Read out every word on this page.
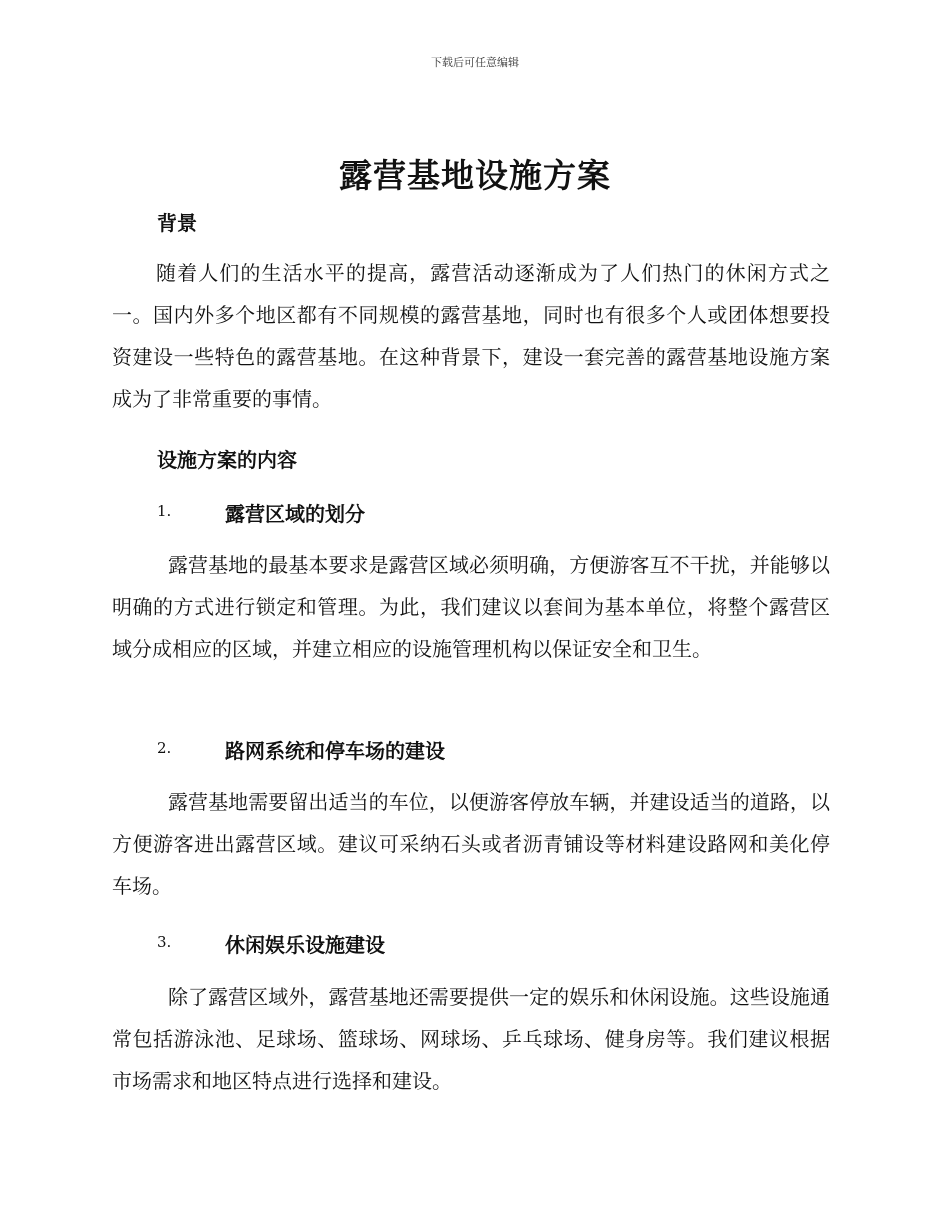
下载后可任意编辑
露营基地设施方案
背景
随着人们的生活水平的提高，露营活动逐渐成为了人们热门的休闲方式之一。国内外多个地区都有不同规模的露营基地，同时也有很多个人或团体想要投资建设一些特色的露营基地。在这种背景下，建设一套完善的露营基地设施方案成为了非常重要的事情。
设施方案的内容
1.	露营区域的划分
露营基地的最基本要求是露营区域必须明确，方便游客互不干扰，并能够以明确的方式进行锁定和管理。为此，我们建议以套间为基本单位，将整个露营区域分成相应的区域，并建立相应的设施管理机构以保证安全和卫生。
2.	路网系统和停车场的建设
露营基地需要留出适当的车位，以便游客停放车辆，并建设适当的道路，以方便游客进出露营区域。建议可采纳石头或者沥青铺设等材料建设路网和美化停车场。
3.	休闲娱乐设施建设
除了露营区域外，露营基地还需要提供一定的娱乐和休闲设施。这些设施通常包括游泳池、足球场、篮球场、网球场、乒乓球场、健身房等。我们建议根据市场需求和地区特点进行选择和建设。
